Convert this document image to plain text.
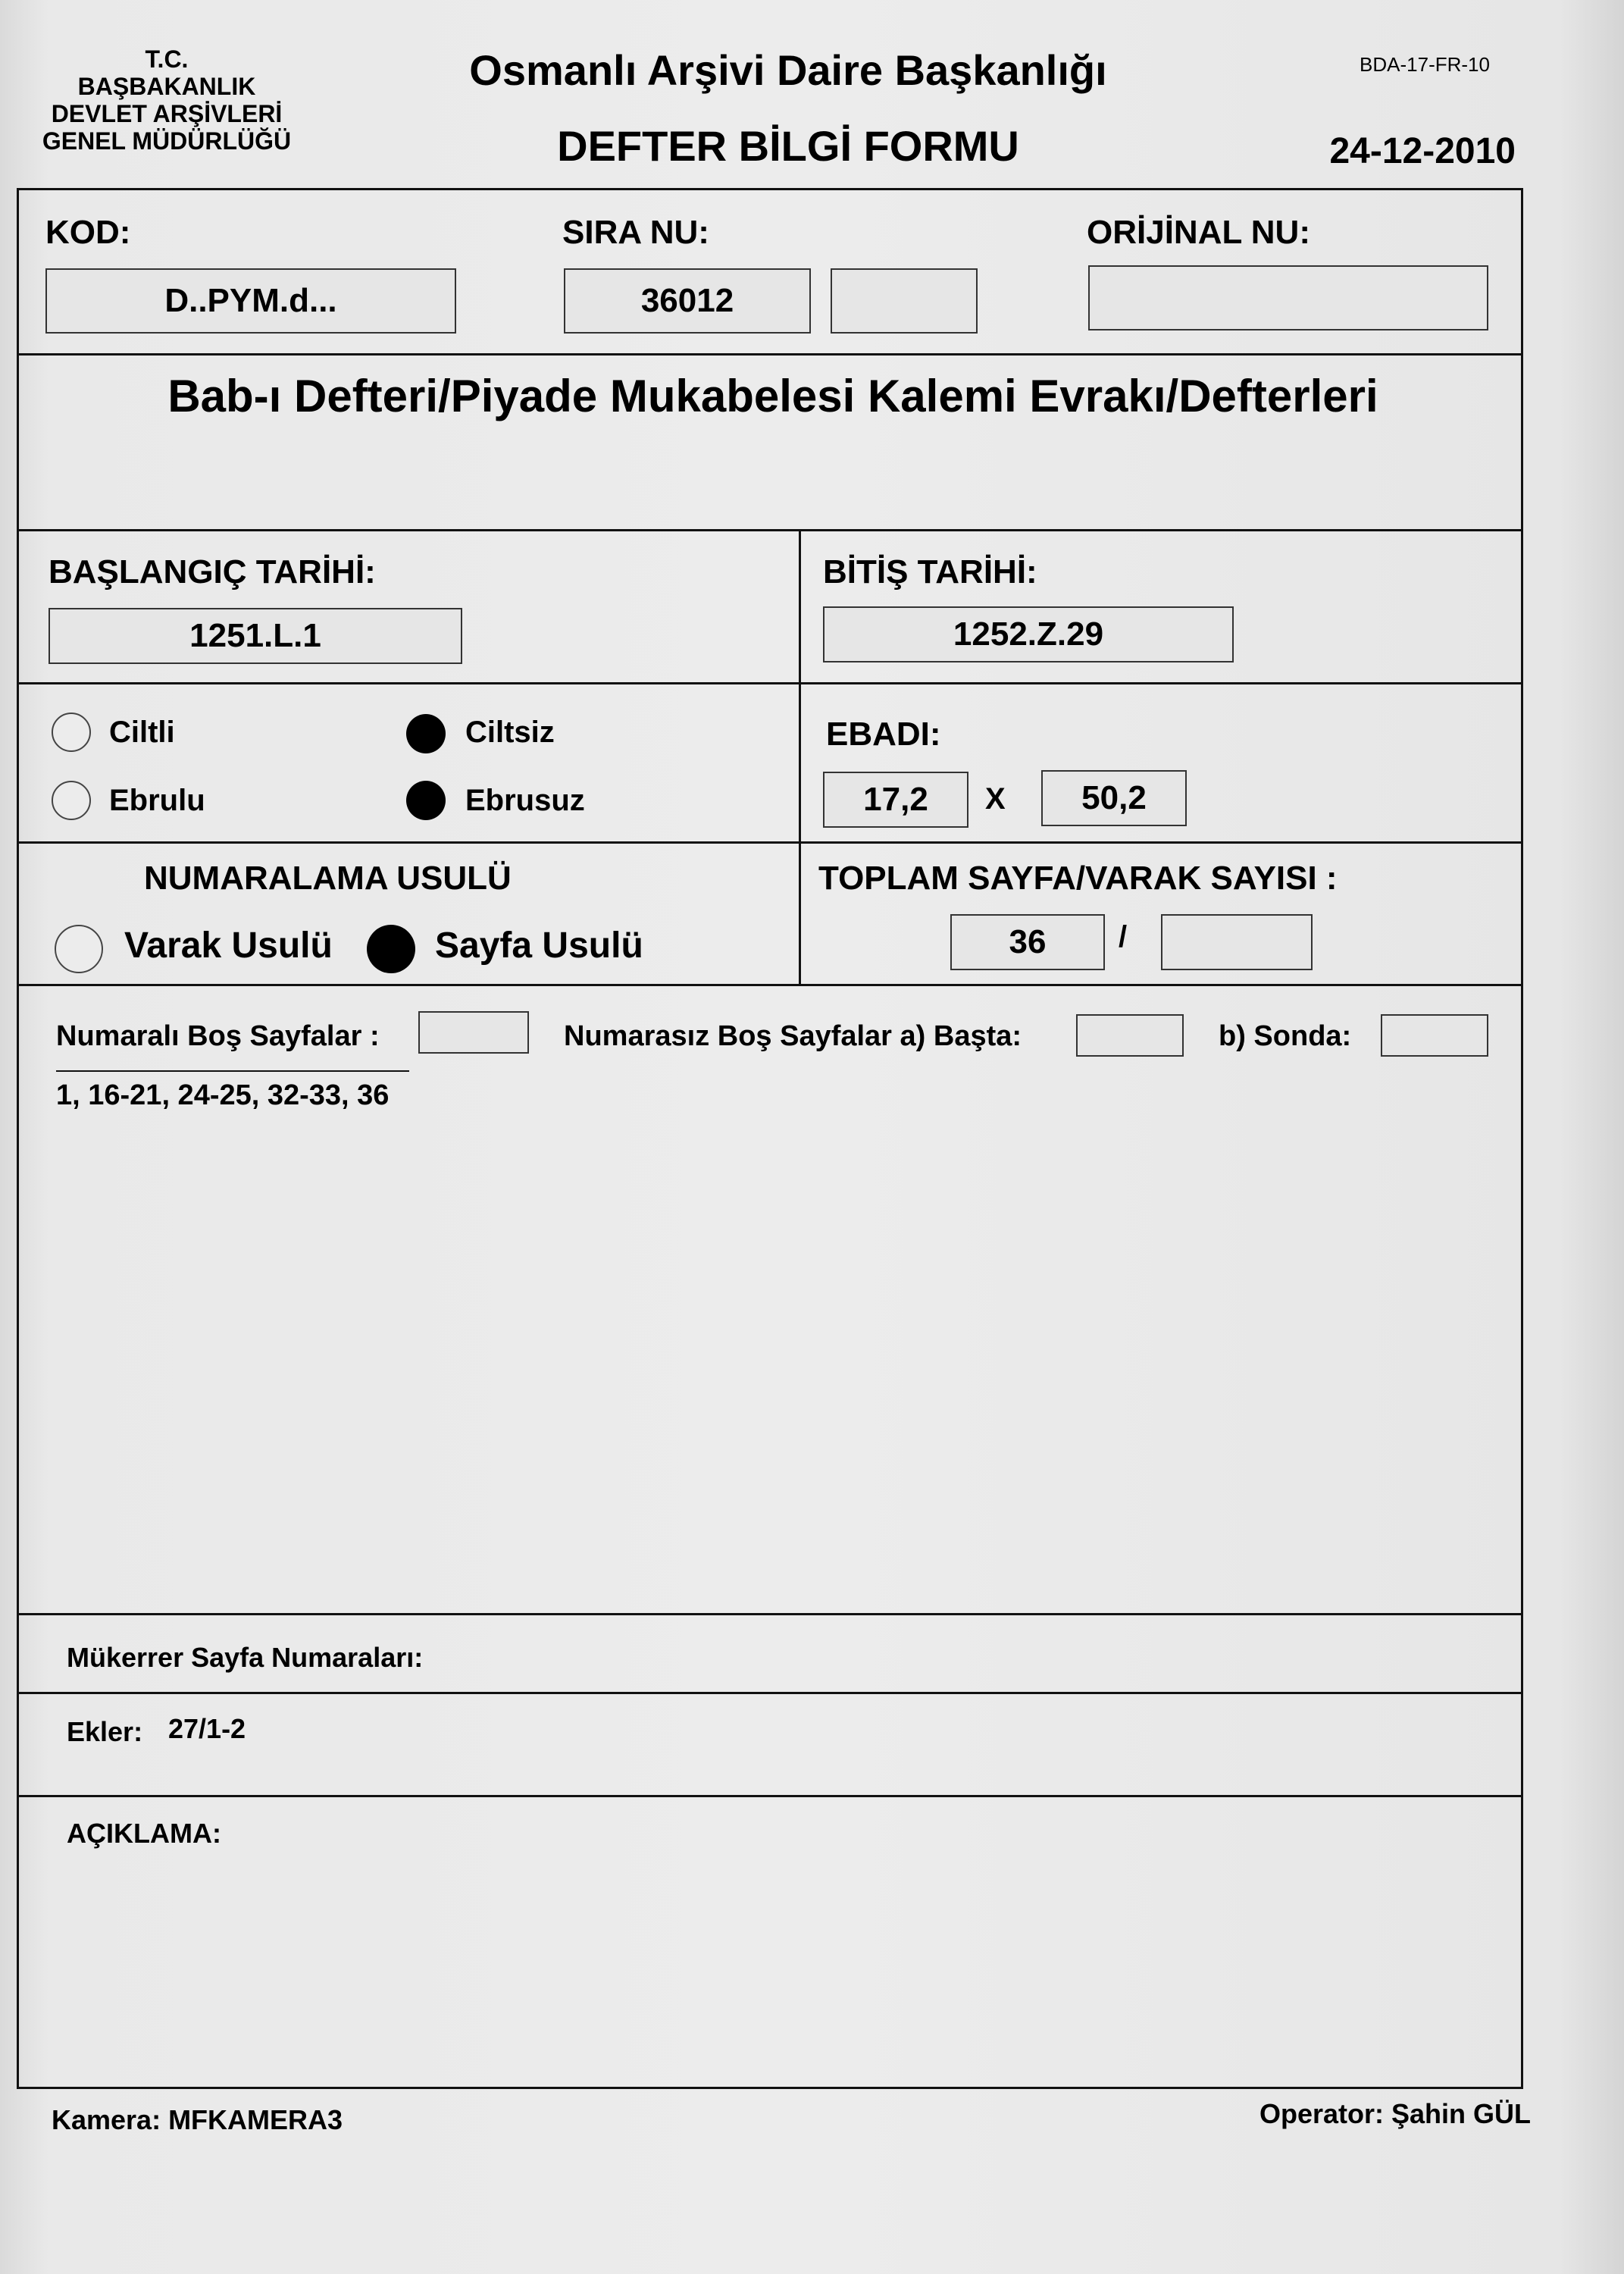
T.C.
BAŞBAKANLIK
DEVLET ARŞİVLERİ
GENEL MÜDÜRLÜĞÜ
Osmanlı Arşivi Daire Başkanlığı
DEFTER BİLGİ FORMU
BDA-17-FR-10
24-12-2010
KOD:	SIRA NU:	ORİJİNAL NU:
D..PYM.d...	36012
Bab-ı Defteri/Piyade Mukabelesi Kalemi Evrakı/Defterleri
BAŞLANGIÇ TARİHİ:	BİTİŞ TARİHİ:
1251.L.1	1252.Z.29
Ciltli	Ciltsiz
Ebrulu	Ebrusuz
EBADI:
17,2	X	50,2
NUMARALAMA USULÜ
Varak Usulü	Sayfa Usulü
TOPLAM SAYFA/VARAK SAYISI :
36	/
Numaralı Boş Sayfalar :	Numarasız Boş Sayfalar a) Başta:	b) Sonda:
1, 16-21, 24-25, 32-33, 36
Mükerrer Sayfa Numaraları:
Ekler: 27/1-2
AÇIKLAMA:
Kamera: MFKAMERA3	Operator: Şahin GÜL
